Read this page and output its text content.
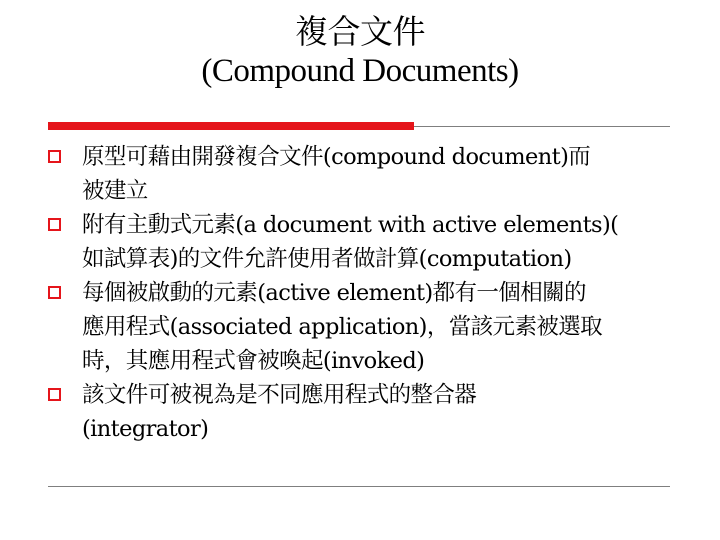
複合文件
(Compound Documents)
原型可藉由開發複合文件(compound document)而
被建立
附有主動式元素(a document with active elements)(
如試算表)的文件允許使用者做計算(computation)
每個被啟動的元素(active element)都有一個相關的
應用程式(associated application)，當該元素被選取
時，其應用程式會被喚起(invoked)
該文件可被視為是不同應用程式的整合器
(integrator)
